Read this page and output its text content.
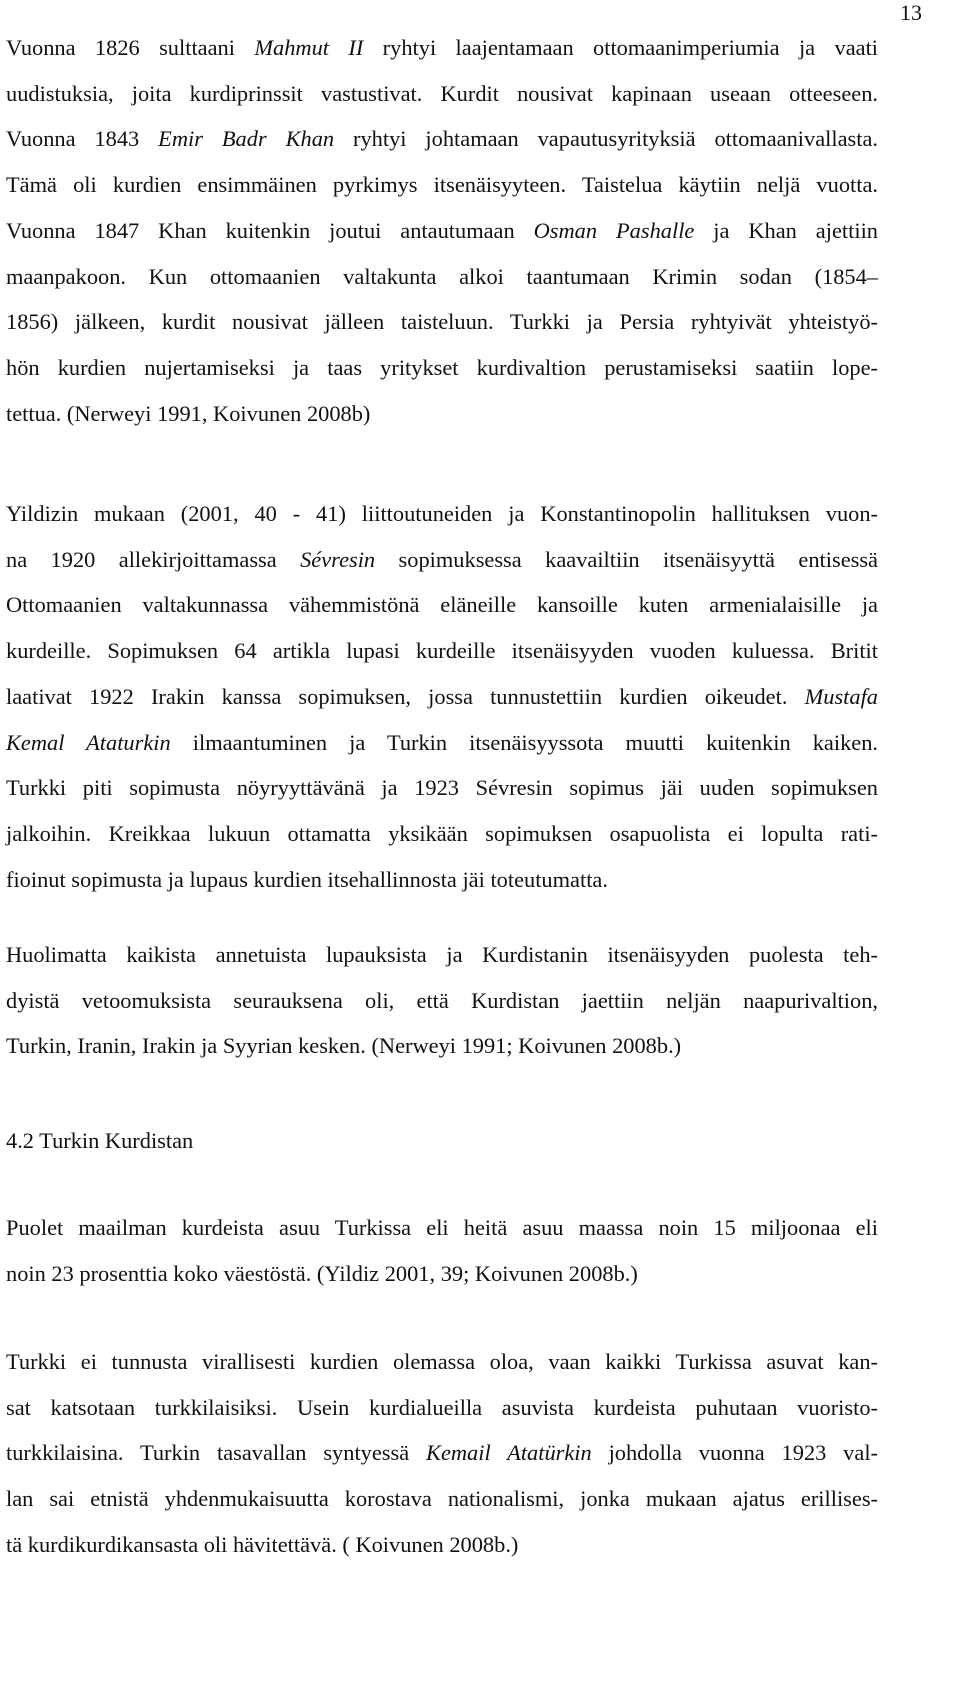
13
4.2 Turkin Kurdistan
Vuonna 1826 sulttaani Mahmut II ryhtyi laajentamaan ottomaanimperiumia ja vaati
uudistuksia, joita kurdiprinssit vastustivat. Kurdit nousivat kapinaan useaan otteeseen.
Vuonna 1843 Emir Badr Khan ryhtyi johtamaan vapautusyrityksiä ottomaanivallasta.
Tämä oli kurdien ensimmäinen pyrkimys itsenäisyyteen. Taistelua käytiin neljä vuotta.
Vuonna 1847 Khan kuitenkin joutui antautumaan Osman Pashalle ja Khan ajettiin
maanpakoon. Kun ottomaanien valtakunta alkoi taantumaan Krimin sodan (1854–
1856) jälkeen, kurdit nousivat jälleen taisteluun. Turkki ja Persia ryhtyivät yhteistyö-
hön kurdien nujertamiseksi ja taas yritykset kurdivaltion perustamiseksi saatiin lope-
tettua. (Nerweyi 1991, Koivunen 2008b)
Yildizin mukaan (2001, 40 - 41) liittoutuneiden ja Konstantinopolin hallituksen vuon-
na 1920 allekirjoittamassa Sévresin sopimuksessa kaavailtiin itsenäisyyttä entisessä
Ottomaanien valtakunnassa vähemmistönä eläneille kansoille kuten armenialaisille ja
kurdeille. Sopimuksen 64 artikla lupasi kurdeille itsenäisyyden vuoden kuluessa. Britit
laativat 1922 Irakin kanssa sopimuksen, jossa tunnustettiin kurdien oikeudet. Mustafa
Kemal Ataturkin ilmaantuminen ja Turkin itsenäisyyssota muutti kuitenkin kaiken.
Turkki piti sopimusta nöyryyttävänä ja 1923 Sévresin sopimus jäi uuden sopimuksen
jalkoihin. Kreikkaa lukuun ottamatta yksikään sopimuksen osapuolista ei lopulta rati-
fioinut sopimusta ja lupaus kurdien itsehallinnosta jäi toteutumatta.
Huolimatta kaikista annetuista lupauksista ja Kurdistanin itsenäisyyden puolesta teh-
dyistä vetoomuksista seurauksena oli, että Kurdistan jaettiin neljän naapurivaltion,
Turkin, Iranin, Irakin ja Syyrian kesken. (Nerweyi 1991; Koivunen 2008b.)
Puolet maailman kurdeista asuu Turkissa eli heitä asuu maassa noin 15 miljoonaa eli
noin 23 prosenttia koko väestöstä. (Yildiz 2001, 39; Koivunen 2008b.)
Turkki ei tunnusta virallisesti kurdien olemassa oloa, vaan kaikki Turkissa asuvat kan-
sat katsotaan turkkilaisiksi. Usein kurdialueilla asuvista kurdeista puhutaan vuoristo-
turkkilaisina. Turkin tasavallan syntyessä Kemail Atatürkin johdolla vuonna 1923 val-
lan sai etnistä yhdenmukaisuutta korostava nationalismi, jonka mukaan ajatus erillises-
tä kurdikurdikansasta oli hävitettävä. ( Koivunen 2008b.)
